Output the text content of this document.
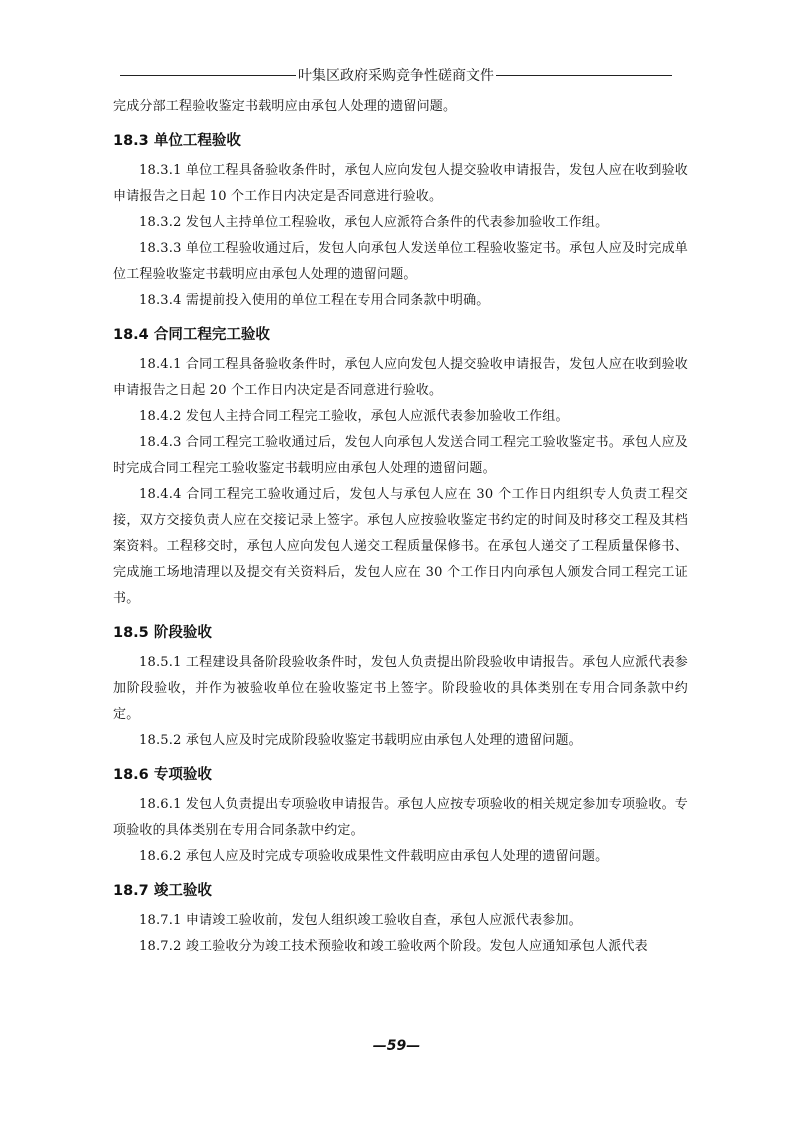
叶集区政府采购竞争性磋商文件

完成分部工程验收鉴定书载明应由承包人处理的遗留问题。

18.3 单位工程验收

18.3.1 单位工程具备验收条件时，承包人应向发包人提交验收申请报告，发包人应在收到验收申请报告之日起 10 个工作日内决定是否同意进行验收。

18.3.2 发包人主持单位工程验收，承包人应派符合条件的代表参加验收工作组。

18.3.3 单位工程验收通过后，发包人向承包人发送单位工程验收鉴定书。承包人应及时完成单位工程验收鉴定书载明应由承包人处理的遗留问题。

18.3.4 需提前投入使用的单位工程在专用合同条款中明确。

18.4 合同工程完工验收

18.4.1 合同工程具备验收条件时，承包人应向发包人提交验收申请报告，发包人应在收到验收申请报告之日起 20 个工作日内决定是否同意进行验收。

18.4.2 发包人主持合同工程完工验收，承包人应派代表参加验收工作组。

18.4.3 合同工程完工验收通过后，发包人向承包人发送合同工程完工验收鉴定书。承包人应及时完成合同工程完工验收鉴定书载明应由承包人处理的遗留问题。

18.4.4 合同工程完工验收通过后，发包人与承包人应在 30 个工作日内组织专人负责工程交接，双方交接负责人应在交接记录上签字。承包人应按验收鉴定书约定的时间及时移交工程及其档案资料。工程移交时，承包人应向发包人递交工程质量保修书。在承包人递交了工程质量保修书、完成施工场地清理以及提交有关资料后，发包人应在 30 个工作日内向承包人颁发合同工程完工证书。

18.5 阶段验收

18.5.1 工程建设具备阶段验收条件时，发包人负责提出阶段验收申请报告。承包人应派代表参加阶段验收，并作为被验收单位在验收鉴定书上签字。阶段验收的具体类别在专用合同条款中约定。

18.5.2 承包人应及时完成阶段验收鉴定书载明应由承包人处理的遗留问题。

18.6 专项验收

18.6.1 发包人负责提出专项验收申请报告。承包人应按专项验收的相关规定参加专项验收。专项验收的具体类别在专用合同条款中约定。

18.6.2 承包人应及时完成专项验收成果性文件载明应由承包人处理的遗留问题。

18.7 竣工验收

18.7.1 申请竣工验收前，发包人组织竣工验收自查，承包人应派代表参加。

18.7.2 竣工验收分为竣工技术预验收和竣工验收两个阶段。发包人应通知承包人派代表

—59—
